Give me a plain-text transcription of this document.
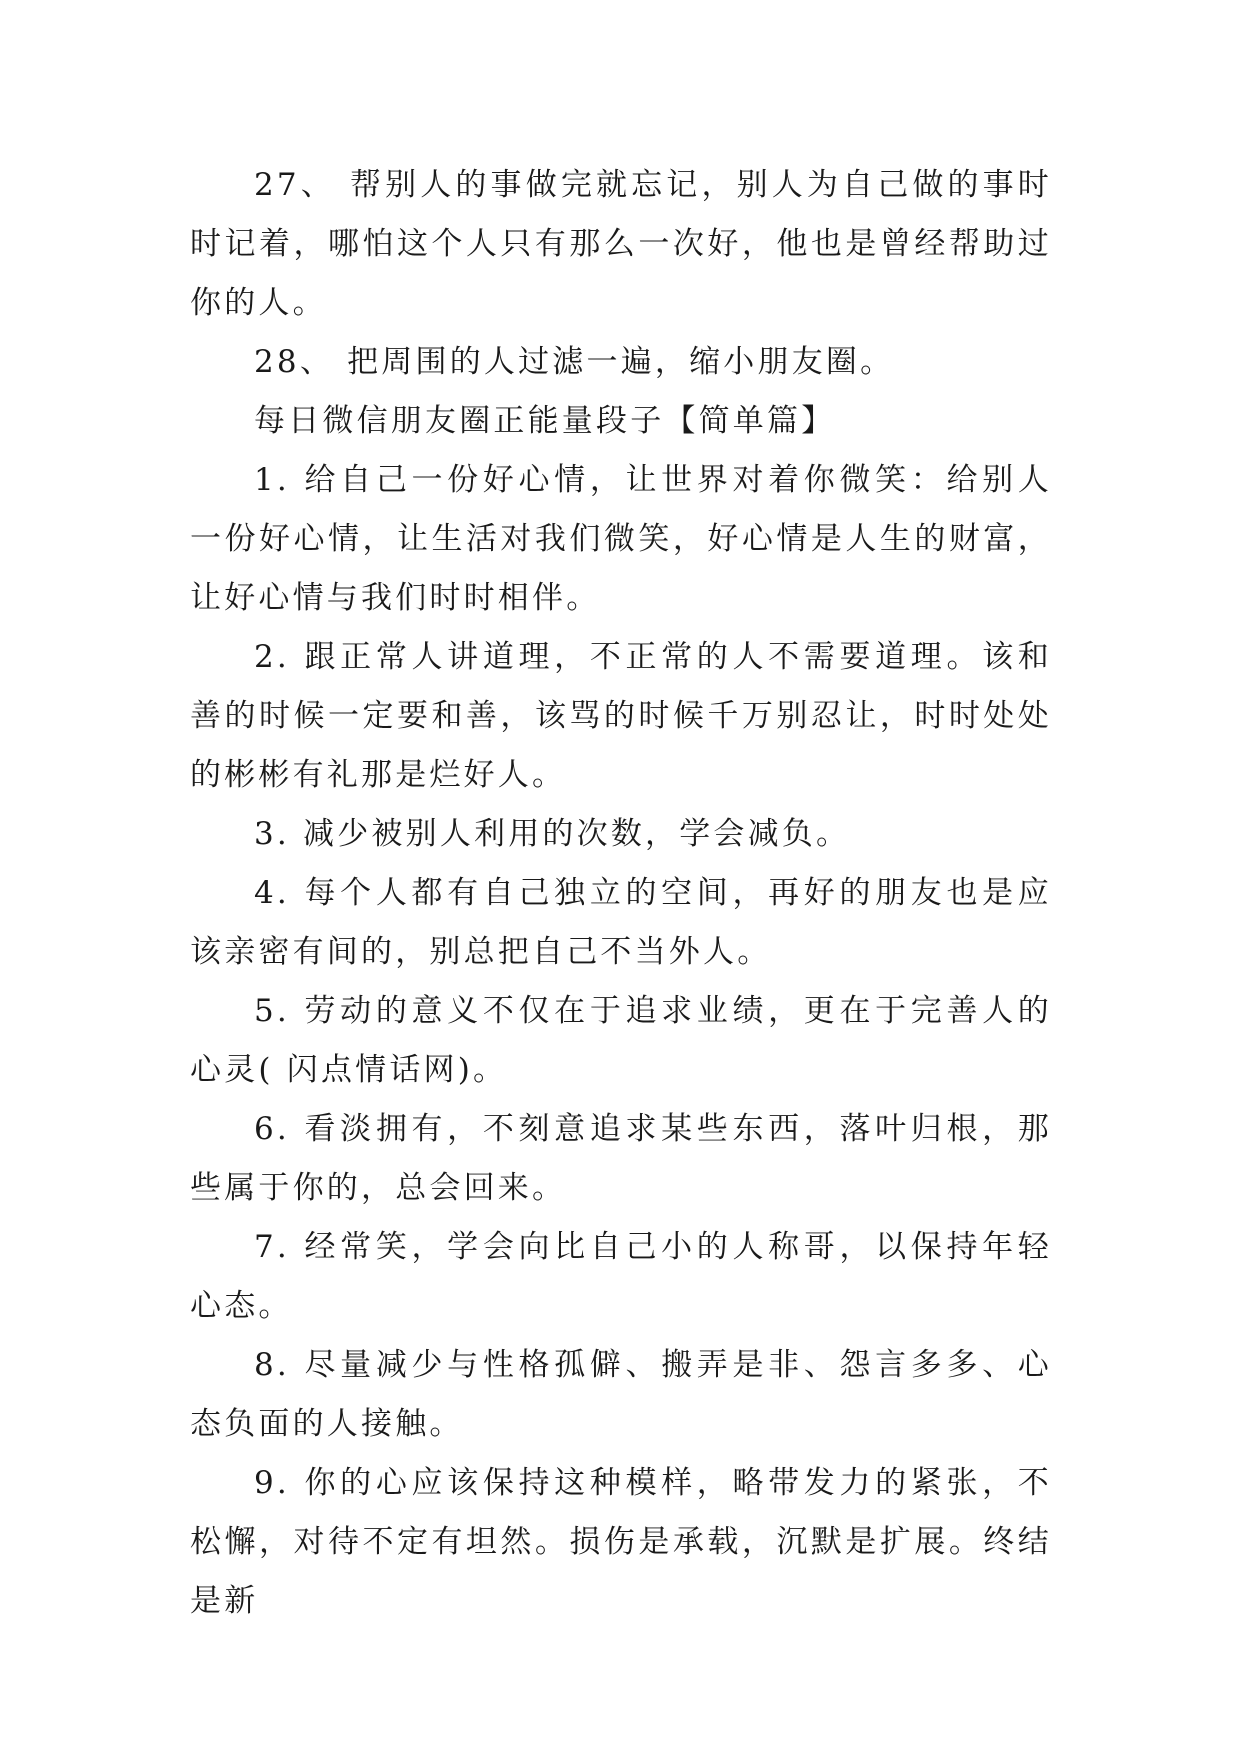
27、 帮别人的事做完就忘记，别人为自己做的事时时记着，哪怕这个人只有那么一次好，他也是曾经帮助过你的人。

28、 把周围的人过滤一遍，缩小朋友圈。

每日微信朋友圈正能量段子【简单篇】

1. 给自己一份好心情，让世界对着你微笑：给别人一份好心情，让生活对我们微笑，好心情是人生的财富，让好心情与我们时时相伴。

2. 跟正常人讲道理，不正常的人不需要道理。该和善的时候一定要和善，该骂的时候千万别忍让，时时处处的彬彬有礼那是烂好人。

3. 减少被别人利用的次数，学会减负。

4. 每个人都有自己独立的空间，再好的朋友也是应该亲密有间的，别总把自己不当外人。

5. 劳动的意义不仅在于追求业绩，更在于完善人的心灵( 闪点情话网)。

6. 看淡拥有，不刻意追求某些东西，落叶归根，那些属于你的，总会回来。

7. 经常笑，学会向比自己小的人称哥，以保持年轻心态。

8. 尽量减少与性格孤僻、搬弄是非、怨言多多、心态负面的人接触。

9. 你的心应该保持这种模样，略带发力的紧张，不松懈，对待不定有坦然。损伤是承载，沉默是扩展。终结是新
